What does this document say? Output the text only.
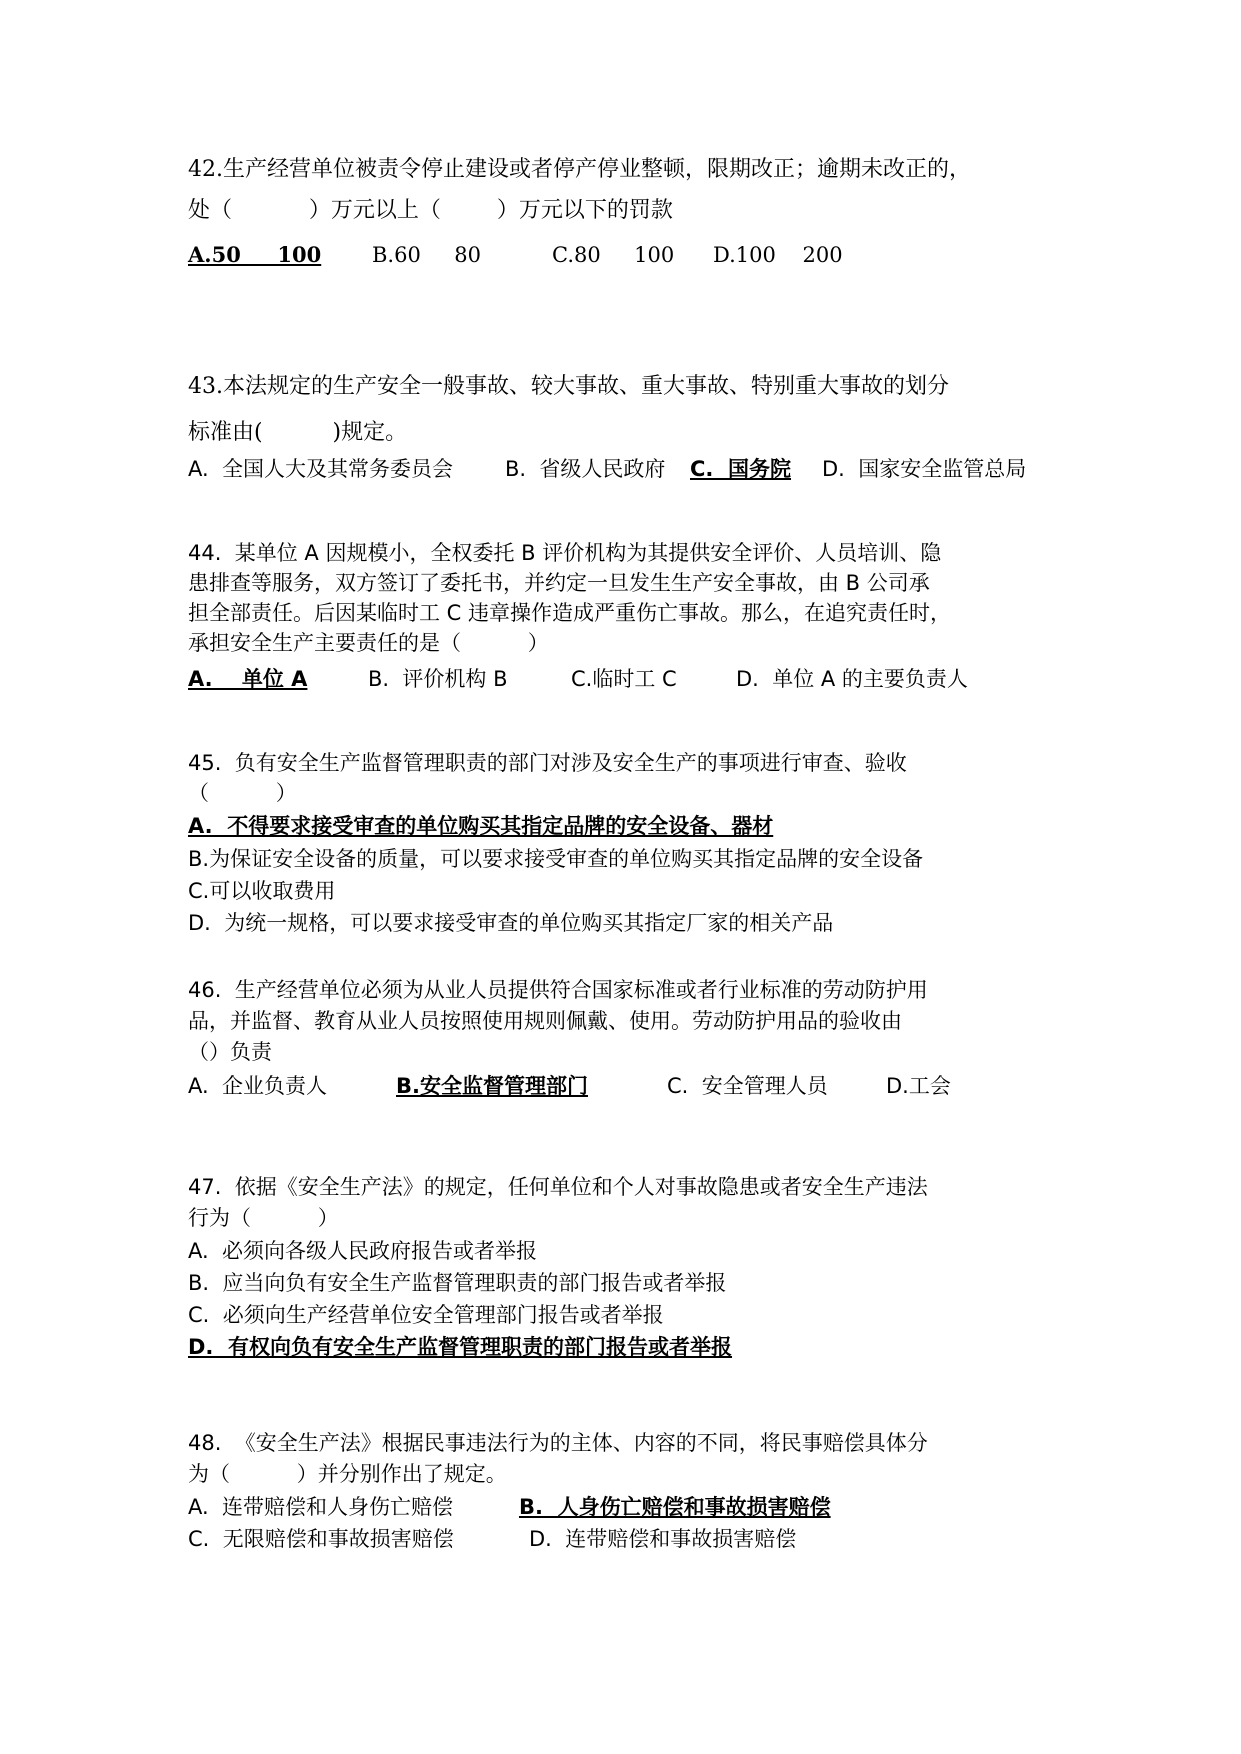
42.生产经营单位被责令停止建设或者停产停业整顿，限期改正；逾期未改正的，
处（           ）万元以上（        ）万元以下的罚款
A.50     100 B.60     80	C.80     100 D.100    200
43.本法规定的生产安全一般事故、较大事故、重大事故、特别重大事故的划分
标准由(          )规定。
A.  全国人大及其常务委员会 B.  省级人民政府 C.  国务院 D.  国家安全监管总局
44.  某单位 A 因规模小，全权委托 B 评价机构为其提供安全评价、人员培训、隐
患排查等服务，双方签订了委托书，并约定一旦发生生产安全事故，由 B 公司承
担全部责任。后因某临时工 C 违章操作造成严重伤亡事故。那么，在追究责任时，
承担安全生产主要责任的是（          ）
A.    单位 A	B.  评价机构 B	C.临时工 C	D.  单位 A 的主要负责人
45.  负有安全生产监督管理职责的部门对涉及安全生产的事项进行审查、验收
（          ）
A.  不得要求接受审查的单位购买其指定品牌的安全设备、器材
B.为保证安全设备的质量，可以要求接受审查的单位购买其指定品牌的安全设备
C.可以收取费用
D.  为统一规格，可以要求接受审查的单位购买其指定厂家的相关产品
46.  生产经营单位必须为从业人员提供符合国家标准或者行业标准的劳动防护用
品，并监督、教育从业人员按照使用规则佩戴、使用。劳动防护用品的验收由
（）负责
A.  企业负责人	B.安全监督管理部门	C.  安全管理人员	D.工会
47.  依据《安全生产法》的规定，任何单位和个人对事故隐患或者安全生产违法
行为（          ）
A.  必须向各级人民政府报告或者举报
B.  应当向负有安全生产监督管理职责的部门报告或者举报
C.  必须向生产经营单位安全管理部门报告或者举报
D.  有权向负有安全生产监督管理职责的部门报告或者举报
48.  《安全生产法》根据民事违法行为的主体、内容的不同，将民事赔偿具体分
为（          ）并分别作出了规定。
A.  连带赔偿和人身伤亡赔偿	B.  人身伤亡赔偿和事故损害赔偿
C.  无限赔偿和事故损害赔偿	D.  连带赔偿和事故损害赔偿
